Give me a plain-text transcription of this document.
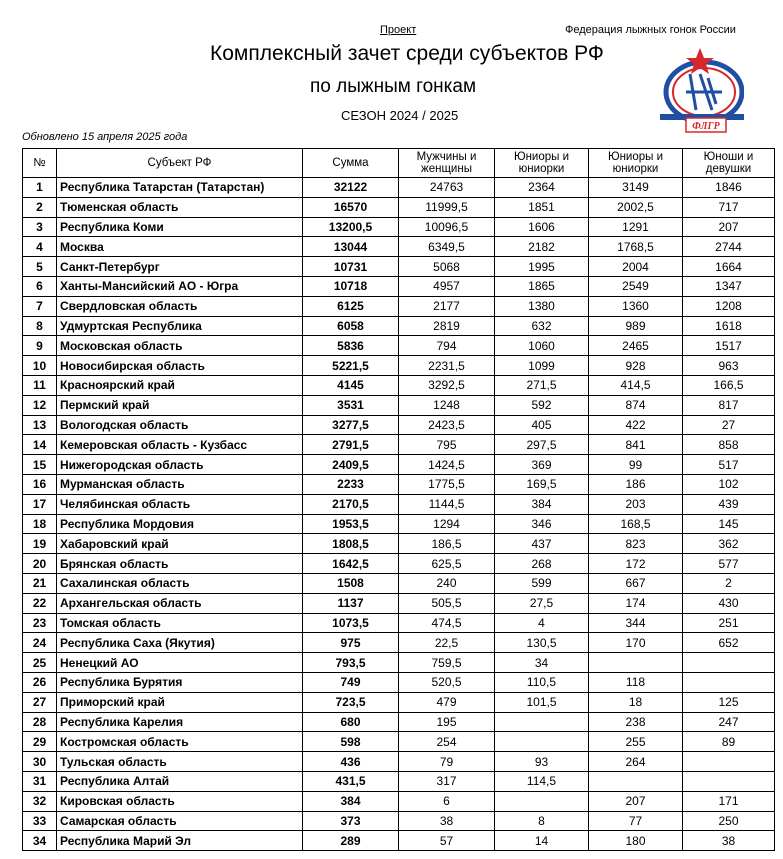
Проект	Федерация лыжных гонок России
Комплексный зачет среди субъектов РФ
по лыжным гонкам
СЕЗОН 2024 / 2025
Обновлено 15 апреля 2025 года
ФЛГР
№	Субъект РФ	Сумма	Мужчины и женщины	Юниоры и юниорки	Юниоры и юниорки	Юноши и девушки

1	Республика Татарстан (Татарстан)	32122	24763	2364	3149	1846
2	Тюменская область	16570	11999,5	1851	2002,5	717
3	Республика Коми	13200,5	10096,5	1606	1291	207
4	Москва	13044	6349,5	2182	1768,5	2744
5	Санкт-Петербург	10731	5068	1995	2004	1664
6	Ханты-Мансийский АО - Югра	10718	4957	1865	2549	1347
7	Свердловская область	6125	2177	1380	1360	1208
8	Удмуртская Республика	6058	2819	632	989	1618
9	Московская область	5836	794	1060	2465	1517
10	Новосибирская область	5221,5	2231,5	1099	928	963
11	Красноярский край	4145	3292,5	271,5	414,5	166,5
12	Пермский край	3531	1248	592	874	817
13	Вологодская область	3277,5	2423,5	405	422	27
14	Кемеровская область - Кузбасс	2791,5	795	297,5	841	858
15	Нижегородская область	2409,5	1424,5	369	99	517
16	Мурманская область	2233	1775,5	169,5	186	102
17	Челябинская область	2170,5	1144,5	384	203	439
18	Республика Мордовия	1953,5	1294	346	168,5	145
19	Хабаровский край	1808,5	186,5	437	823	362
20	Брянская область	1642,5	625,5	268	172	577
21	Сахалинская область	1508	240	599	667	2
22	Архангельская область	1137	505,5	27,5	174	430
23	Томская область	1073,5	474,5	4	344	251
24	Республика Саха (Якутия)	975	22,5	130,5	170	652
25	Ненецкий АО	793,5	759,5	34		
26	Республика Бурятия	749	520,5	110,5	118	
27	Приморский край	723,5	479	101,5	18	125
28	Республика Карелия	680	195		238	247
29	Костромская область	598	254		255	89
30	Тульская область	436	79	93	264	
31	Республика Алтай	431,5	317	114,5		
32	Кировская область	384	6		207	171
33	Самарская область	373	38	8	77	250
34	Республика Марий Эл	289	57	14	180	38
